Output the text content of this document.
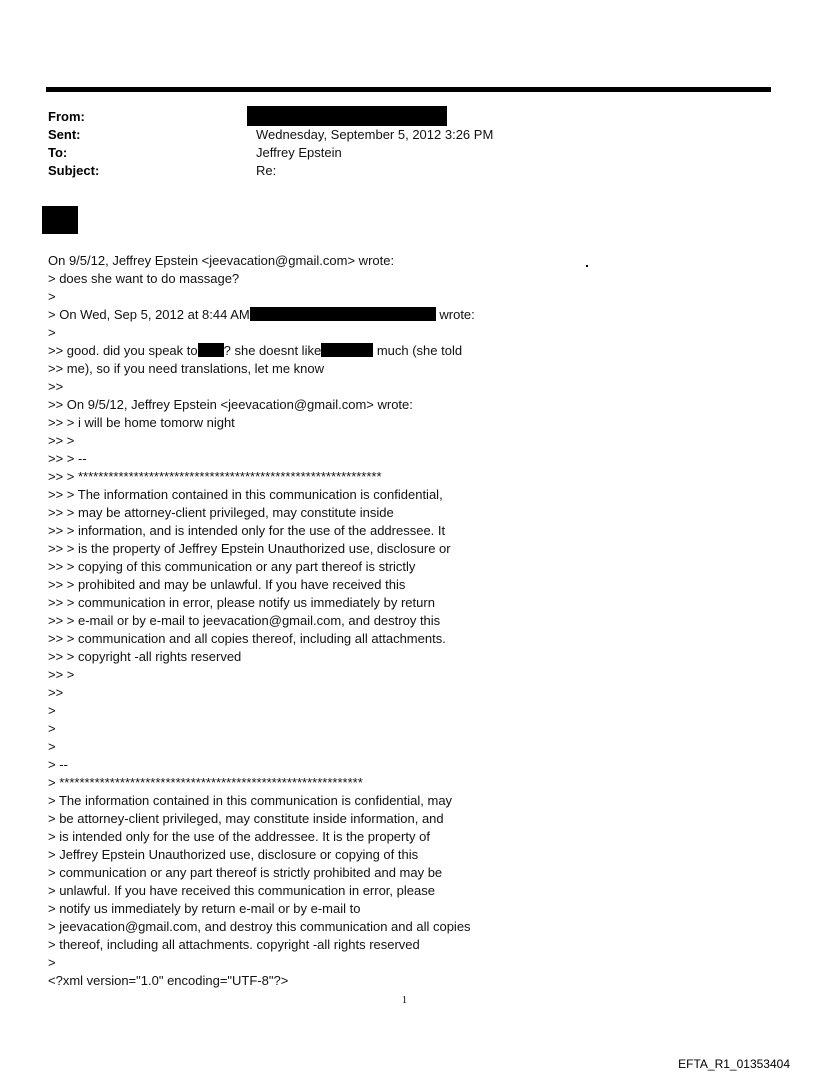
From:
Sent:	Wednesday, September 5, 2012 3:26 PM
To:	Jeffrey Epstein
Subject:	Re:
On 9/5/12, Jeffrey Epstein <jeevacation@gmail.com> wrote:
> does she want to do massage?
>
> On Wed, Sep 5, 2012 at 8:44 AM	wrote:
>
>> good. did you speak to ? she doesnt like	much (she told
>> me), so if you need translations, let me know
>>
>> On 9/5/12, Jeffrey Epstein <jeevacation@gmail.com> wrote:
>> > i will be home tomorw night
>> >
>> > --
>> > ************************************************************
>> > The information contained in this communication is confidential,
>> > may be attorney-client privileged, may constitute inside
>> > information, and is intended only for the use of the addressee. It
>> > is the property of Jeffrey Epstein Unauthorized use, disclosure or
>> > copying of this communication or any part thereof is strictly
>> > prohibited and may be unlawful. If you have received this
>> > communication in error, please notify us immediately by return
>> > e-mail or by e-mail to jeevacation@gmail.com, and destroy this
>> > communication and all copies thereof, including all attachments.
>> > copyright -all rights reserved
>> >
>>
>
>
>
> --
> ************************************************************
> The information contained in this communication is confidential, may
> be attorney-client privileged, may constitute inside information, and
> is intended only for the use of the addressee. It is the property of
> Jeffrey Epstein Unauthorized use, disclosure or copying of this
> communication or any part thereof is strictly prohibited and may be
> unlawful. If you have received this communication in error, please
> notify us immediately by return e-mail or by e-mail to
> jeevacation@gmail.com, and destroy this communication and all copies
> thereof, including all attachments. copyright -all rights reserved
>
<?xml version="1.0" encoding="UTF-8"?>
1
EFTA_R1_01353404
